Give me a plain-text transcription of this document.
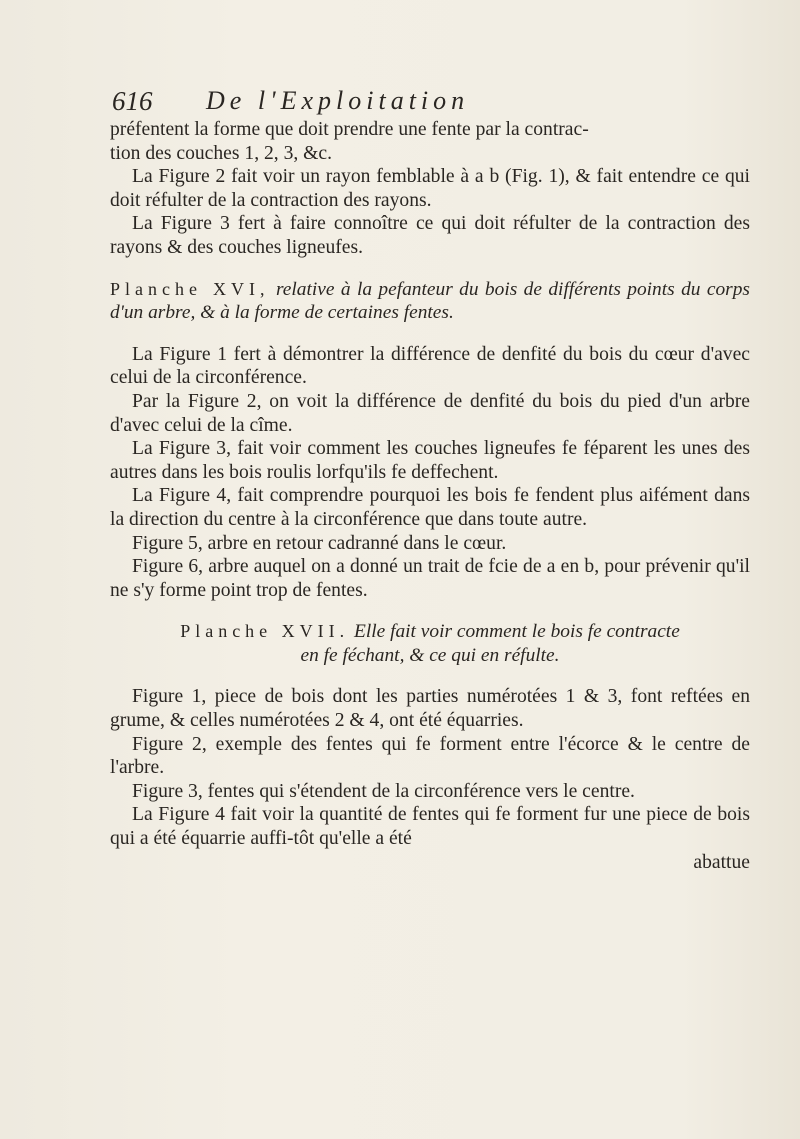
616 De l'Exploitation

préfentent la forme que doit prendre une fente par la contrac-

tion des couches 1, 2, 3, &c.

La Figure 2 fait voir un rayon femblable à a b (Fig. 1), & fait entendre ce qui doit réfulter de la contraction des rayons.

La Figure 3 fert à faire connoître ce qui doit réfulter de la contraction des rayons & des couches ligneufes.

Planche XVI, relative à la pefanteur du bois de différents points du corps d'un arbre, & à la forme de certaines fentes.

La Figure 1 fert à démontrer la différence de denfité du bois du cœur d'avec celui de la circonférence.

Par la Figure 2, on voit la différence de denfité du bois du pied d'un arbre d'avec celui de la cîme.

La Figure 3, fait voir comment les couches ligneufes fe féparent les unes des autres dans les bois roulis lorfqu'ils fe deffechent.

La Figure 4, fait comprendre pourquoi les bois fe fendent plus aifément dans la direction du centre à la circonférence que dans toute autre.

Figure 5, arbre en retour cadranné dans le cœur.

Figure 6, arbre auquel on a donné un trait de fcie de a en b, pour prévenir qu'il ne s'y forme point trop de fentes.

Planche XVII. Elle fait voir comment le bois fe contracte

en fe féchant, & ce qui en réfulte.

Figure 1, piece de bois dont les parties numérotées 1 & 3, font reftées en grume, & celles numérotées 2 & 4, ont été équarries.

Figure 2, exemple des fentes qui fe forment entre l'écorce & le centre de l'arbre.

Figure 3, fentes qui s'étendent de la circonférence vers le centre.

La Figure 4 fait voir la quantité de fentes qui fe forment fur une piece de bois qui a été équarrie auffi-tôt qu'elle a été

abattue
